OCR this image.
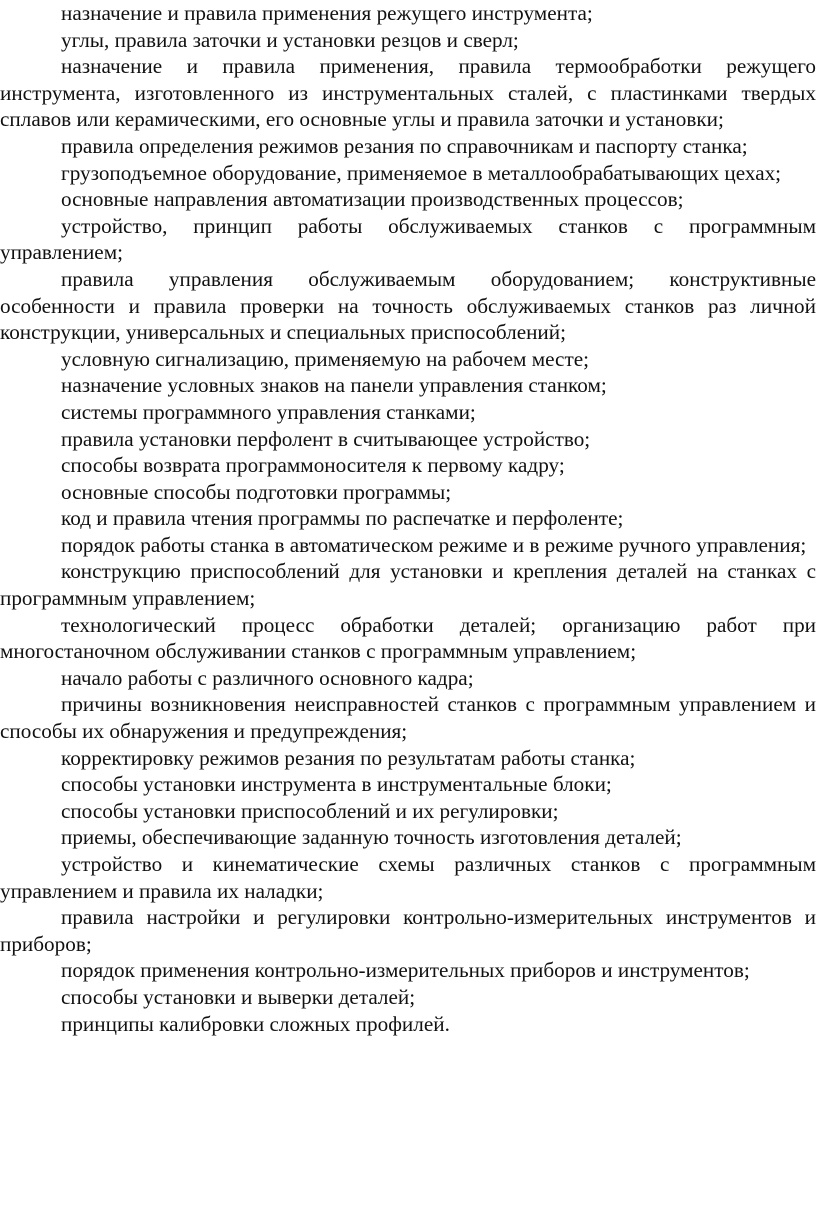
назначение и правила применения режущего инструмента;

углы, правила заточки и установки резцов и сверл;

назначение и правила применения, правила термообработки режущего инструмента, изготовленного из инструментальных сталей, с пластинками твердых сплавов или керамическими, его основные углы и правила заточки и установки;

правила определения режимов резания по справочникам и паспорту станка;

грузоподъемное оборудование, применяемое в металлообрабатывающих цехах;

основные направления автоматизации производственных процессов;

устройство, принцип работы обслуживаемых станков с программным управлением;

правила управления обслуживаемым оборудованием; конструктивные особенности и правила проверки на точность обслуживаемых станков раз личной конструкции, универсальных и специальных приспособлений;

условную сигнализацию, применяемую на рабочем месте;

назначение условных знаков на панели управления станком;

системы программного управления станками;

правила установки перфолент в считывающее устройство;

способы возврата программоносителя к первому кадру;

основные способы подготовки программы;

код и правила чтения программы по распечатке и перфоленте;

порядок работы станка в автоматическом режиме и в режиме ручного управления;

конструкцию приспособлений для установки и крепления деталей на станках с программным управлением;

технологический процесс обработки деталей; организацию работ при многостаночном обслуживании станков с программным управлением;

начало работы с различного основного кадра;

причины возникновения неисправностей станков с программным управлением и способы их обнаружения и предупреждения;

корректировку режимов резания по результатам работы станка;

способы установки инструмента в инструментальные блоки;

способы установки приспособлений и их регулировки;

приемы, обеспечивающие заданную точность изготовления деталей;

устройство и кинематические схемы различных станков с программным управлением и правила их наладки;

правила настройки и регулировки контрольно-измерительных инструментов и приборов;

порядок применения контрольно-измерительных приборов и инструментов;

способы установки и выверки деталей;

принципы калибровки сложных профилей.
